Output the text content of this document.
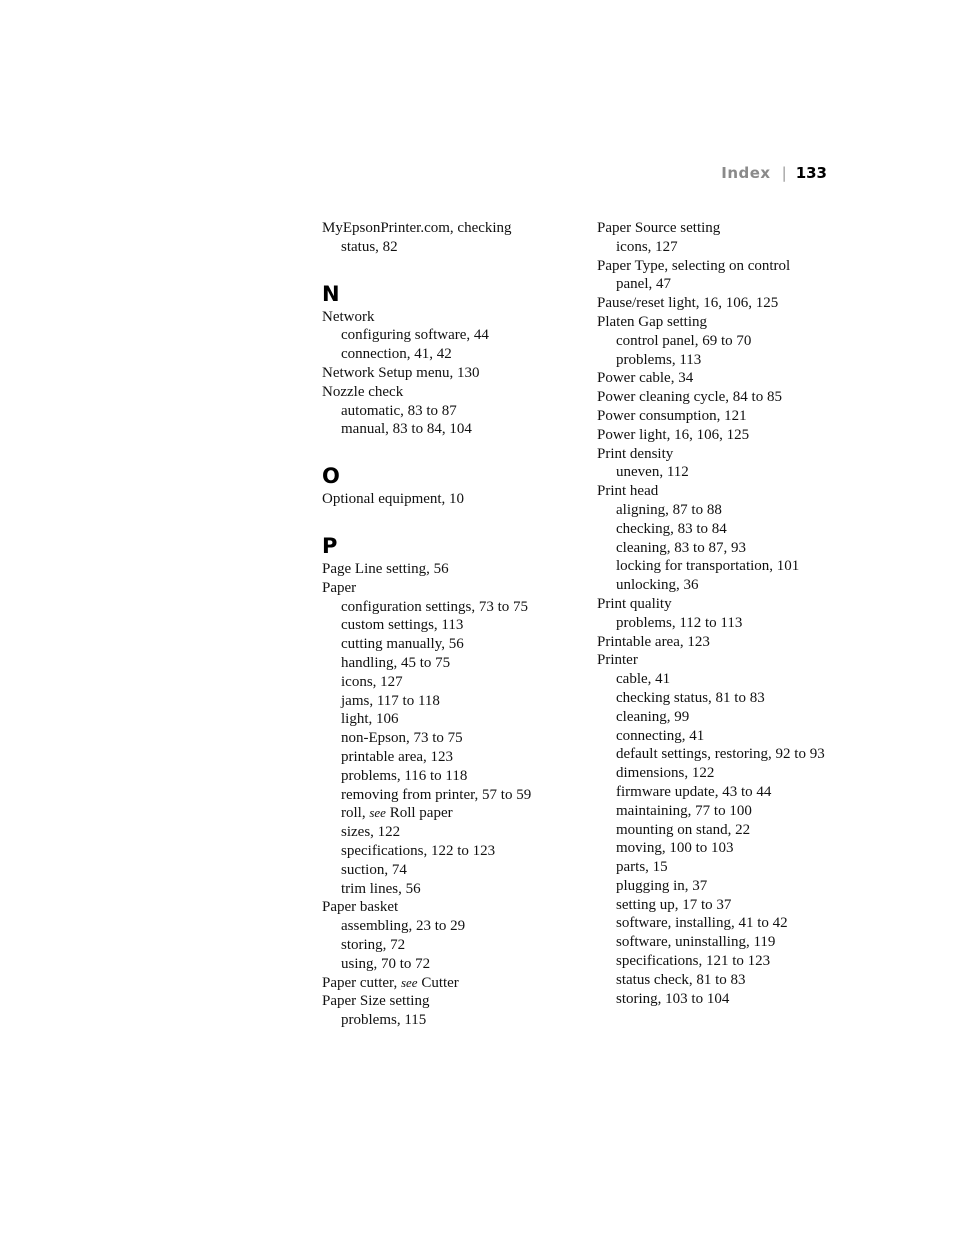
Index | 133
MyEpsonPrinter.com, checking
status, 82
N
Network
configuring software, 44
connection, 41, 42
Network Setup menu, 130
Nozzle check
automatic, 83 to 87
manual, 83 to 84, 104
O
Optional equipment, 10
P
Page Line setting, 56
Paper
configuration settings, 73 to 75
custom settings, 113
cutting manually, 56
handling, 45 to 75
icons, 127
jams, 117 to 118
light, 106
non-Epson, 73 to 75
printable area, 123
problems, 116 to 118
removing from printer, 57 to 59
roll, see Roll paper
sizes, 122
specifications, 122 to 123
suction, 74
trim lines, 56
Paper basket
assembling, 23 to 29
storing, 72
using, 70 to 72
Paper cutter, see Cutter
Paper Size setting
problems, 115
Paper Source setting
icons, 127
Paper Type, selecting on control
panel, 47
Pause/reset light, 16, 106, 125
Platen Gap setting
control panel, 69 to 70
problems, 113
Power cable, 34
Power cleaning cycle, 84 to 85
Power consumption, 121
Power light, 16, 106, 125
Print density
uneven, 112
Print head
aligning, 87 to 88
checking, 83 to 84
cleaning, 83 to 87, 93
locking for transportation, 101
unlocking, 36
Print quality
problems, 112 to 113
Printable area, 123
Printer
cable, 41
checking status, 81 to 83
cleaning, 99
connecting, 41
default settings, restoring, 92 to 93
dimensions, 122
firmware update, 43 to 44
maintaining, 77 to 100
mounting on stand, 22
moving, 100 to 103
parts, 15
plugging in, 37
setting up, 17 to 37
software, installing, 41 to 42
software, uninstalling, 119
specifications, 121 to 123
status check, 81 to 83
storing, 103 to 104
